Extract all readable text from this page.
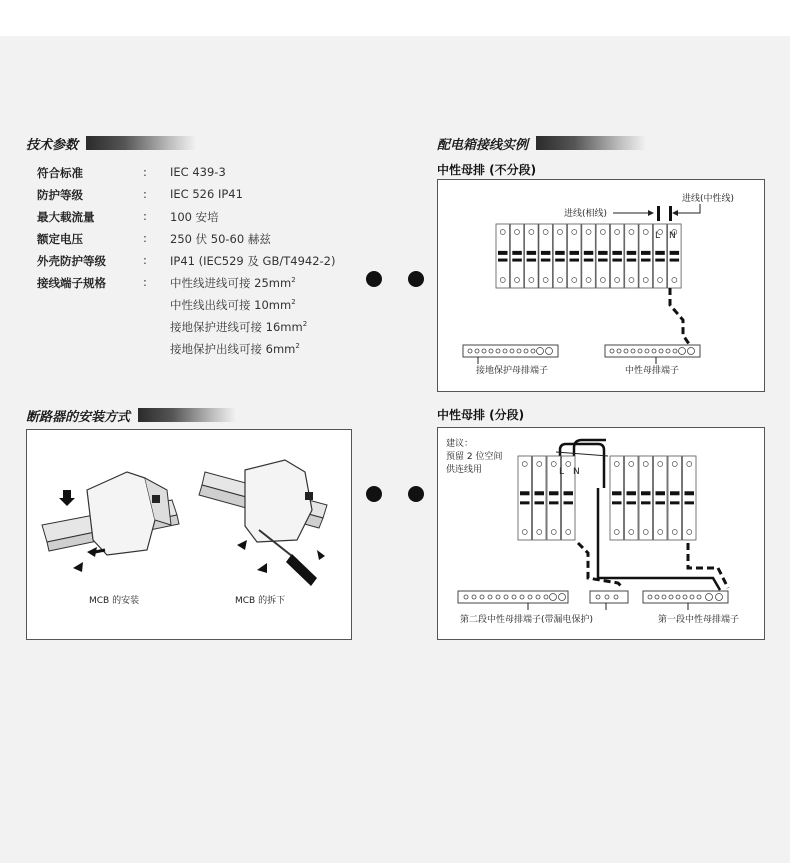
技术参数
符合标准	: IEC 439-3
防护等级	: IEC 526 IP41
最大载流量	: 100 安培
额定电压	: 250 伏 50-60 赫兹
外壳防护等级	: IP41 (IEC529 及 GB/T4942-2)
接线端子规格	: 中性线进线可接 $25mm^2$
中性线出线可接 $10mm^2$
接地保护进线可接 $16mm^2$
接地保护出线可接 $6mm^2$
配电箱接线实例
中性母排 (不分段)
进线(相线)
进线(中性线)
L N
接地保护母排端子	中性母排端子
断路器的安装方式
MCB 的安装	MCB 的拆下
中性母排 (分段)
建议：
预留 2 位空间
供连线用	L N
第二段中性母排端子(带漏电保护)	第一段中性母排端子
